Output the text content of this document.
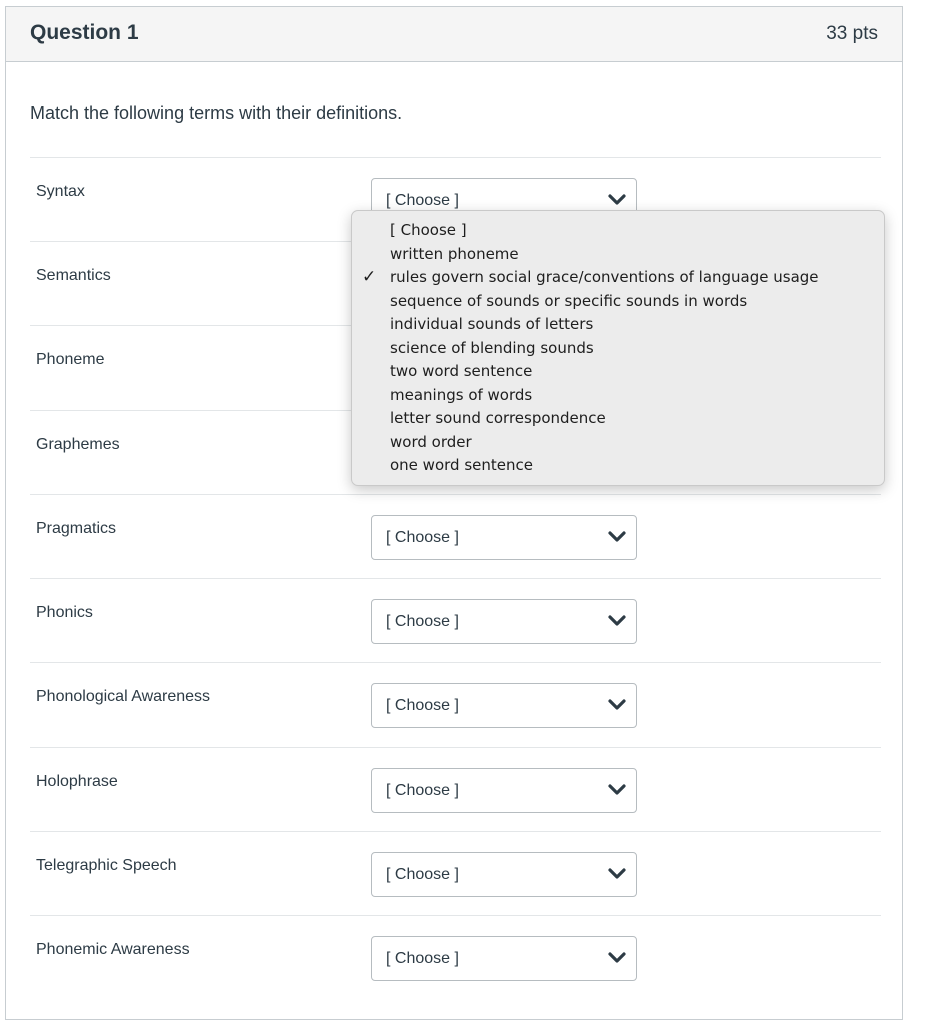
Question 1	33 pts
Match the following terms with their definitions.
Syntax
[ Choose ]
Semantics
Phoneme
Graphemes
Pragmatics
[ Choose ]
Phonics
[ Choose ]
Phonological Awareness
[ Choose ]
Holophrase
[ Choose ]
Telegraphic Speech
[ Choose ]
Phonemic Awareness
[ Choose ]
[ Choose ]
written phoneme
✓ rules govern social grace/conventions of language usage
sequence of sounds or specific sounds in words
individual sounds of letters
science of blending sounds
two word sentence
meanings of words
letter sound correspondence
word order
one word sentence
